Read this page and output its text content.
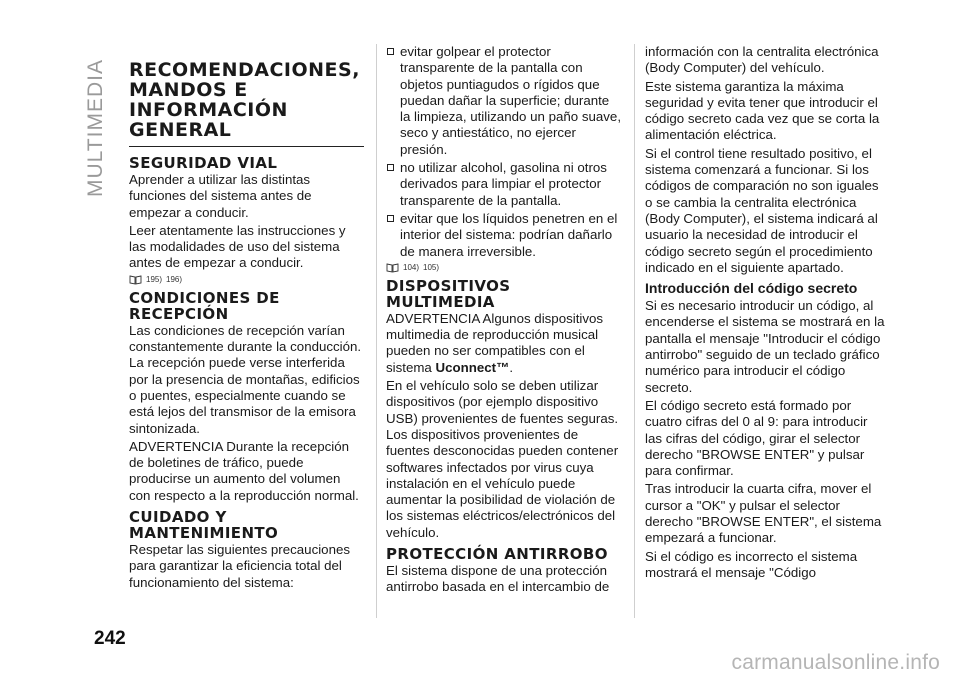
MULTIMEDIA RECOMENDACIONES, MANDOS E INFORMACIÓN GENERAL
SEGURIDAD VIAL

Aprender a utilizar las distintas funciones del sistema antes de empezar a conducir.

Leer atentamente las instrucciones y las modalidades de uso del sistema antes de empezar a conducir.

195) 196)
CONDICIONES DE RECEPCIÓN

Las condiciones de recepción varían constantemente durante la conducción. La recepción puede verse interferida por la presencia de montañas, edificios o puentes, especialmente cuando se está lejos del transmisor de la emisora sintonizada.

ADVERTENCIA Durante la recepción de boletines de tráfico, puede producirse un aumento del volumen con respecto a la reproducción normal.

CUIDADO Y MANTENIMIENTO

Respetar las siguientes precauciones para garantizar la eficiencia total del funcionamiento del sistema:

evitar golpear el protector transparente de la pantalla con objetos puntiagudos o rígidos que puedan dañar la superficie; durante la limpieza, utilizando un paño suave, seco y antiestático, no ejercer presión.

no utilizar alcohol, gasolina ni otros derivados para limpiar el protector transparente de la pantalla.

evitar que los líquidos penetren en el interior del sistema: podrían dañarlo de manera irreversible.

104) 105)
DISPOSITIVOS MULTIMEDIA

ADVERTENCIA Algunos dispositivos multimedia de reproducción musical pueden no ser compatibles con el sistema Uconnect™.

En el vehículo solo se deben utilizar dispositivos (por ejemplo dispositivo USB) provenientes de fuentes seguras. Los dispositivos provenientes de fuentes desconocidas pueden contener softwares infectados por virus cuya instalación en el vehículo puede aumentar la posibilidad de violación de los sistemas eléctricos/electrónicos del vehículo.

PROTECCIÓN ANTIRROBO

El sistema dispone de una protección antirrobo basada en el intercambio de

información con la centralita electrónica (Body Computer) del vehículo.

Este sistema garantiza la máxima seguridad y evita tener que introducir el código secreto cada vez que se corta la alimentación eléctrica.

Si el control tiene resultado positivo, el sistema comenzará a funcionar. Si los códigos de comparación no son iguales o se cambia la centralita electrónica (Body Computer), el sistema indicará al usuario la necesidad de introducir el código secreto según el procedimiento indicado en el siguiente apartado.

Introducción del código secreto

Si es necesario introducir un código, al encenderse el sistema se mostrará en la pantalla el mensaje "Introducir el código antirrobo" seguido de un teclado gráfico numérico para introducir el código secreto.

El código secreto está formado por cuatro cifras del 0 al 9: para introducir las cifras del código, girar el selector derecho "BROWSE ENTER" y pulsar para confirmar.

Tras introducir la cuarta cifra, mover el cursor a "OK" y pulsar el selector derecho "BROWSE ENTER", el sistema empezará a funcionar.

Si el código es incorrecto el sistema mostrará el mensaje "Código

242
carmanualsonline.info
